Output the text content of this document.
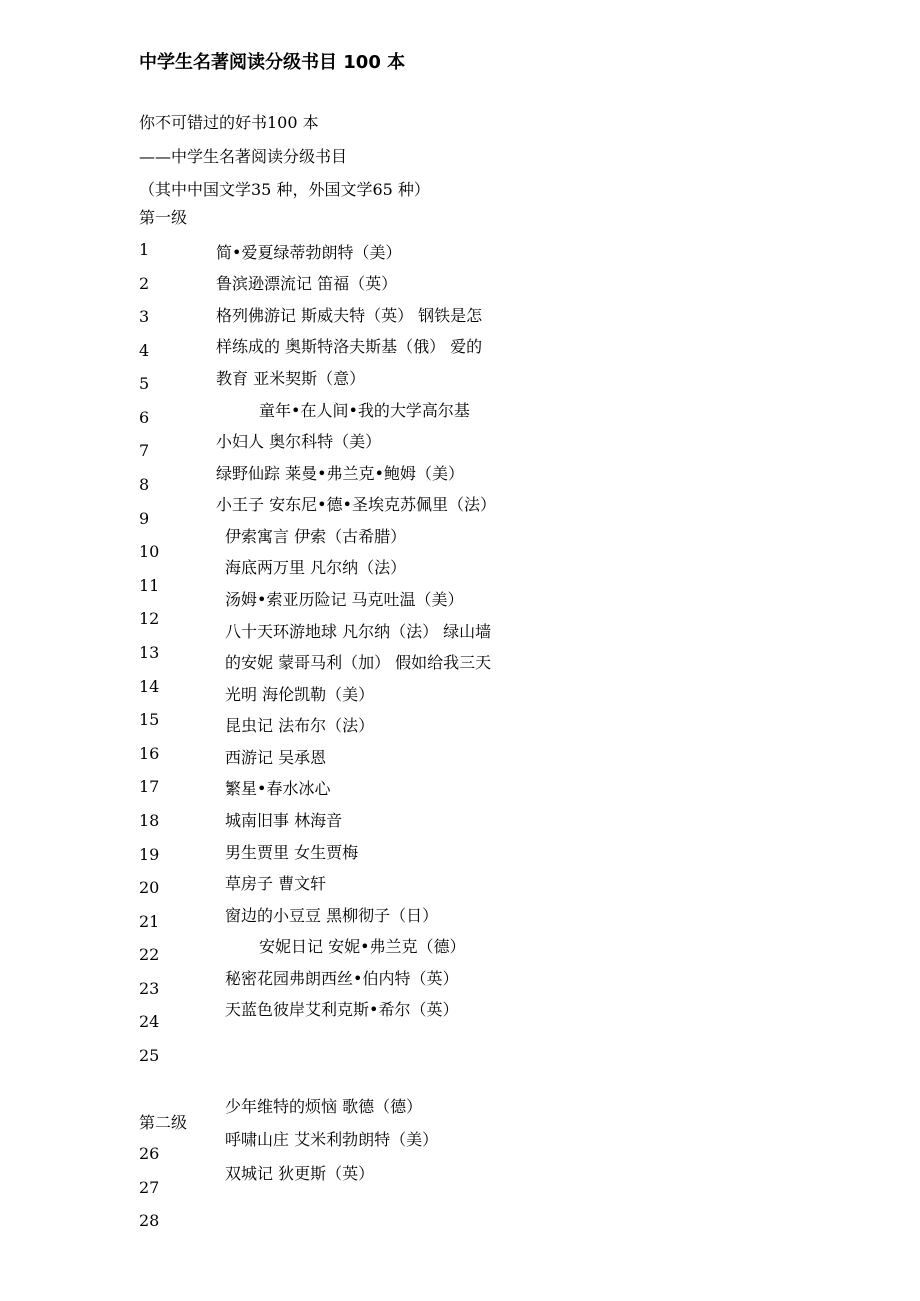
中学生名著阅读分级书目 100 本
你不可错过的好书100 本
——中学生名著阅读分级书目
（其中中国文学35 种，外国文学65 种）
第一级
1
2
3
4
5
6
7
8
9
10
11
12
13
14
15
16
17
18
19
20
21
22
23
24
25
简•爱夏绿蒂勃朗特（美）
鲁滨逊漂流记 笛福（英）
格列佛游记 斯威夫特（英） 钢铁是怎
样练成的 奥斯特洛夫斯基（俄） 爱的
教育 亚米契斯（意）
童年•在人间•我的大学高尔基
小妇人 奥尔科特（美）
绿野仙踪 莱曼•弗兰克•鲍姆（美）
小王子 安东尼•德•圣埃克苏佩里（法）
伊索寓言 伊索（古希腊）
海底两万里 凡尔纳（法）
汤姆•索亚历险记 马克吐温（美）
八十天环游地球 凡尔纳（法） 绿山墙
的安妮 蒙哥马利（加） 假如给我三天
光明 海伦凯勒（美）
昆虫记 法布尔（法）
西游记 吴承恩
繁星•春水冰心
城南旧事 林海音
男生贾里 女生贾梅
草房子 曹文轩
窗边的小豆豆 黑柳彻子（日）
安妮日记 安妮•弗兰克（德）
秘密花园弗朗西丝•伯内特（英）
天蓝色彼岸艾利克斯•希尔（英）
第二级
26
27
28
少年维特的烦恼 歌德（德）
呼啸山庄 艾米利勃朗特（美）
双城记 狄更斯（英）
